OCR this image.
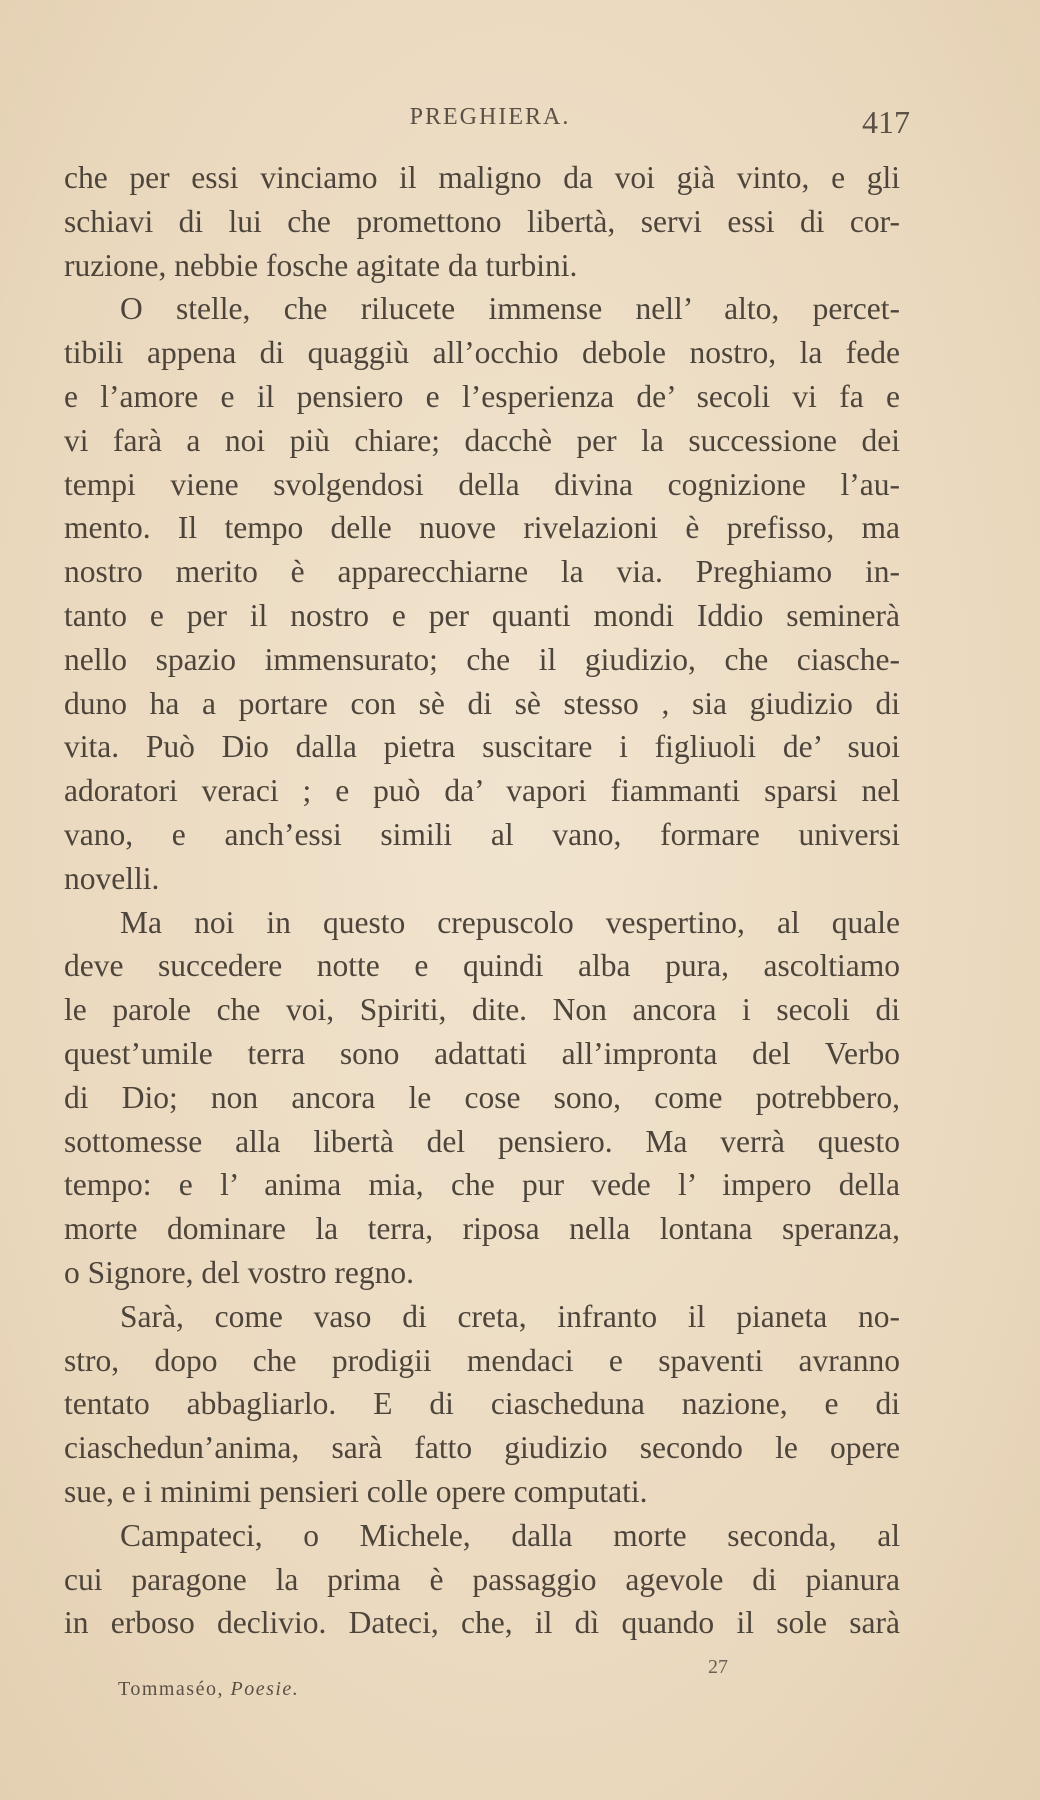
PREGHIERA.	417
che per essi vinciamo il maligno da voi già vinto, e gli
schiavi di lui che promettono libertà, servi essi di cor-
ruzione, nebbie fosche agitate da turbini.
O stelle, che rilucete immense nell’ alto, percet-
tibili appena di quaggiù all’occhio debole nostro, la fede
e l’amore e il pensiero e l’esperienza de’ secoli vi fa e
vi farà a noi più chiare; dacchè per la successione dei
tempi viene svolgendosi della divina cognizione l’au-
mento. Il tempo delle nuove rivelazioni è prefisso, ma
nostro merito è apparecchiarne la via. Preghiamo in-
tanto e per il nostro e per quanti mondi Iddio seminerà
nello spazio immensurato; che il giudizio, che ciasche-
duno ha a portare con sè di sè stesso , sia giudizio di
vita. Può Dio dalla pietra suscitare i figliuoli de’ suoi
adoratori veraci ; e può da’ vapori fiammanti sparsi nel
vano, e anch’essi simili al vano, formare universi
novelli.
Ma noi in questo crepuscolo vespertino, al quale
deve succedere notte e quindi alba pura, ascoltiamo
le parole che voi, Spiriti, dite. Non ancora i secoli di
quest’umile terra sono adattati all’impronta del Verbo
di Dio; non ancora le cose sono, come potrebbero,
sottomesse alla libertà del pensiero. Ma verrà questo
tempo: e l’ anima mia, che pur vede l’ impero della
morte dominare la terra, riposa nella lontana speranza,
o Signore, del vostro regno.
Sarà, come vaso di creta, infranto il pianeta no-
stro, dopo che prodigii mendaci e spaventi avranno
tentato abbagliarlo. E di ciascheduna nazione, e di
ciaschedun’anima, sarà fatto giudizio secondo le opere
sue, e i minimi pensieri colle opere computati.
Campateci, o Michele, dalla morte seconda, al
cui paragone la prima è passaggio agevole di pianura
in erboso declivio. Dateci, che, il dì quando il sole sarà
27
Tommaséo, Poesie.
